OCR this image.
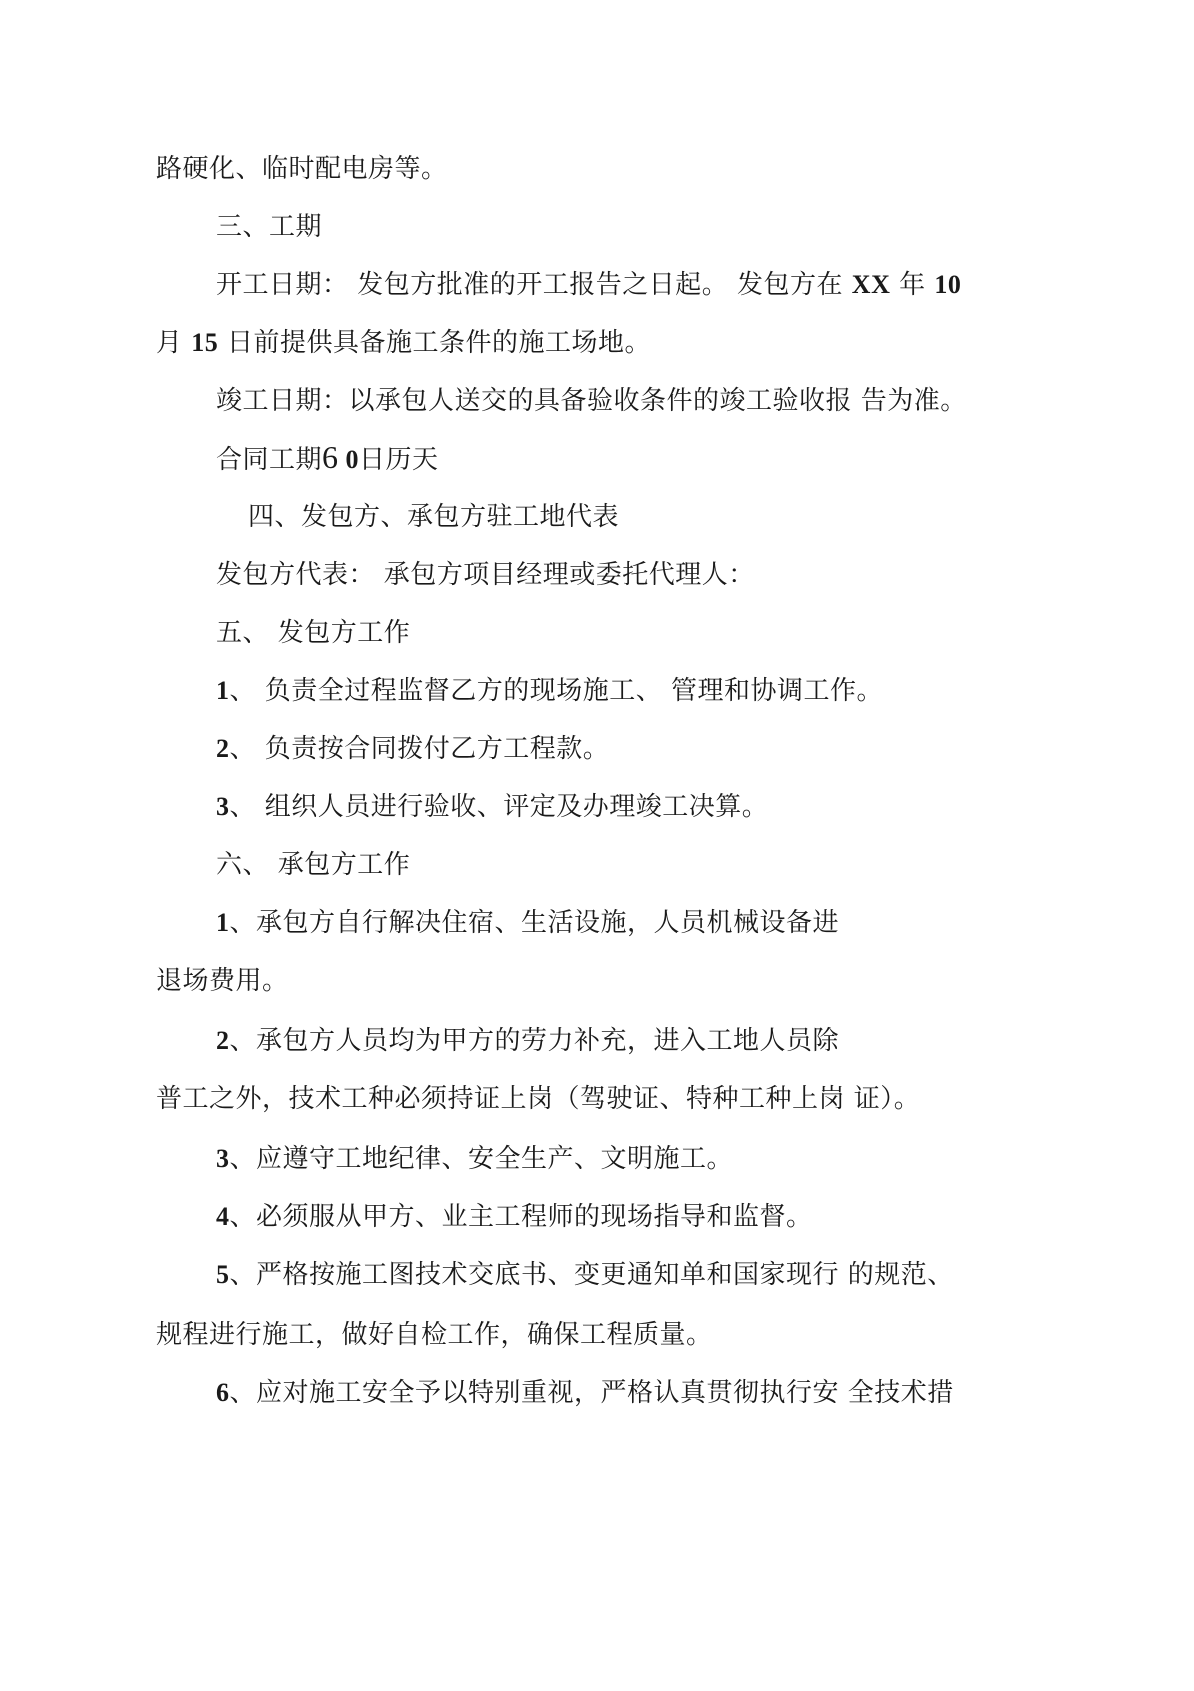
路硬化、临时配电房等。
三、工期
开工日期： 发包方批准的开工报告之日起。 发包方在 XX 年 10
月 15 日前提供具备施工条件的施工场地。
竣工日期：以承包人送交的具备验收条件的竣工验收报 告为准。
合同工期6 0日历天
四、发包方、承包方驻工地代表
发包方代表： 承包方项目经理或委托代理人：
五、 发包方工作
1、 负责全过程监督乙方的现场施工、 管理和协调工作。
2、 负责按合同拨付乙方工程款。
3、 组织人员进行验收、评定及办理竣工决算。
六、 承包方工作
1、承包方自行解决住宿、生活设施，人员机械设备进
退场费用。
2、承包方人员均为甲方的劳力补充，进入工地人员除
普工之外，技术工种必须持证上岗（驾驶证、特种工种上岗 证）。
3、应遵守工地纪律、安全生产、文明施工。
4、必须服从甲方、业主工程师的现场指导和监督。
5、严格按施工图技术交底书、变更通知单和国家现行 的规范、
规程进行施工，做好自检工作，确保工程质量。
6、应对施工安全予以特别重视，严格认真贯彻执行安 全技术措
